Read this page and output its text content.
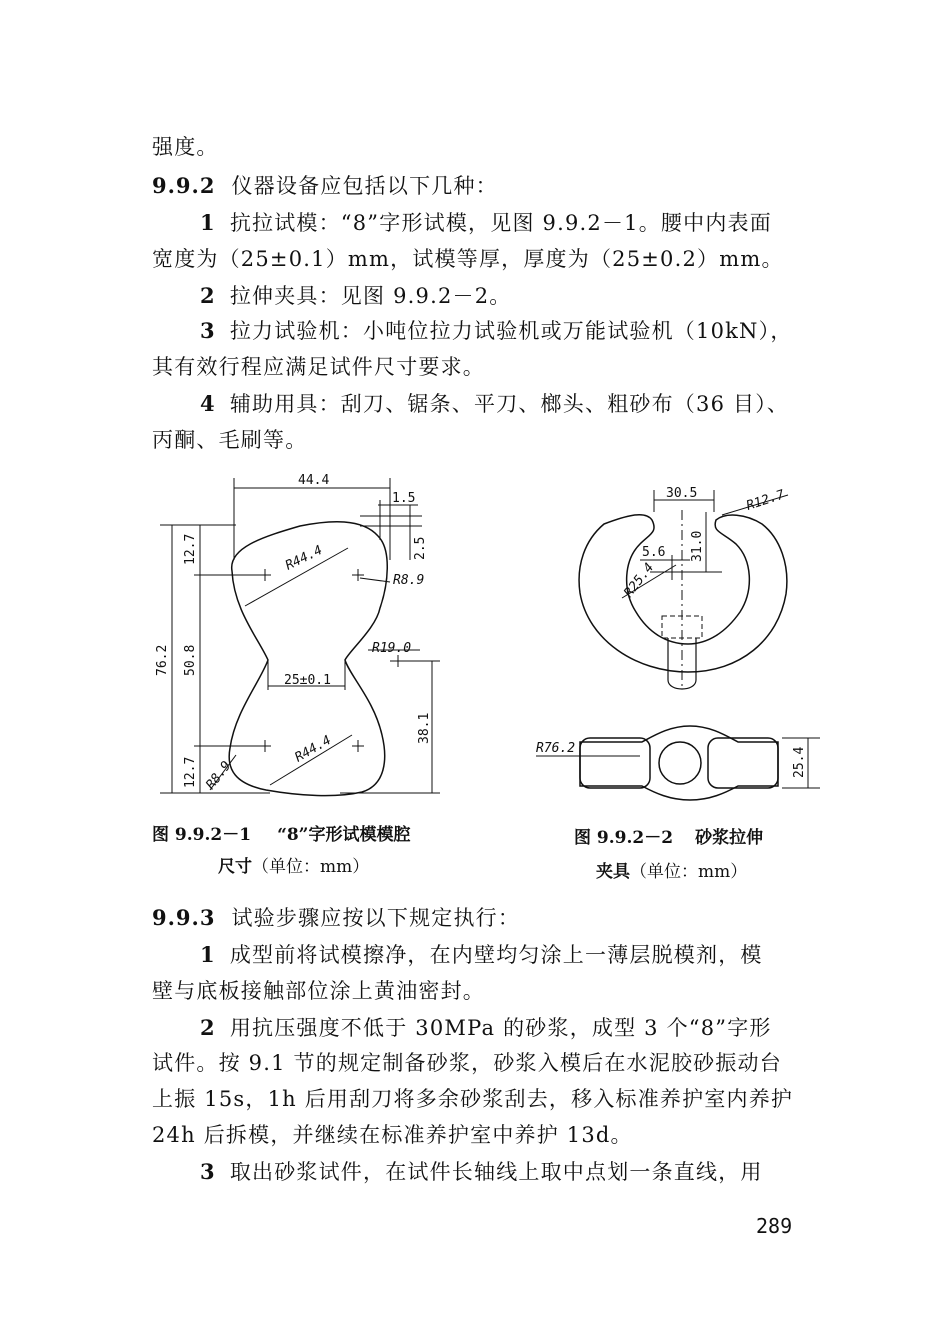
强度。
9.9.2 仪器设备应包括以下几种：
1 抗拉试模：“8”字形试模，见图 9.9.2－1。腰中内表面
宽度为（25±0.1）mm，试模等厚，厚度为（25±0.2）mm。
2 拉伸夹具：见图 9.9.2－2。
3 拉力试验机：小吨位拉力试验机或万能试验机（10kN），
其有效行程应满足试件尺寸要求。
4 辅助用具：刮刀、锯条、平刀、榔头、粗砂布（36 目）、
丙酮、毛刷等。
44.4
1.5
2.5
12.7
76.2 50.8
12.7
R44.4
R8.9
R19.0
25±0.1
38.1
R44.4
R8.9
30.5	R12.7
31.0
5.6
R25.4
R76.2	25.4
图 9.9.2－1 “8”字形试模模腔
尺寸（单位：mm）
图 9.9.2－2 砂浆拉伸
夹具（单位：mm）
9.9.3 试验步骤应按以下规定执行：
1 成型前将试模擦净，在内壁均匀涂上一薄层脱模剂，模
壁与底板接触部位涂上黄油密封。
2 用抗压强度不低于 30MPa 的砂浆，成型 3 个“8”字形
试件。按 9.1 节的规定制备砂浆，砂浆入模后在水泥胶砂振动台
上振 15s，1h 后用刮刀将多余砂浆刮去，移入标准养护室内养护
24h 后拆模，并继续在标准养护室中养护 13d。
3 取出砂浆试件，在试件长轴线上取中点划一条直线，用
289
